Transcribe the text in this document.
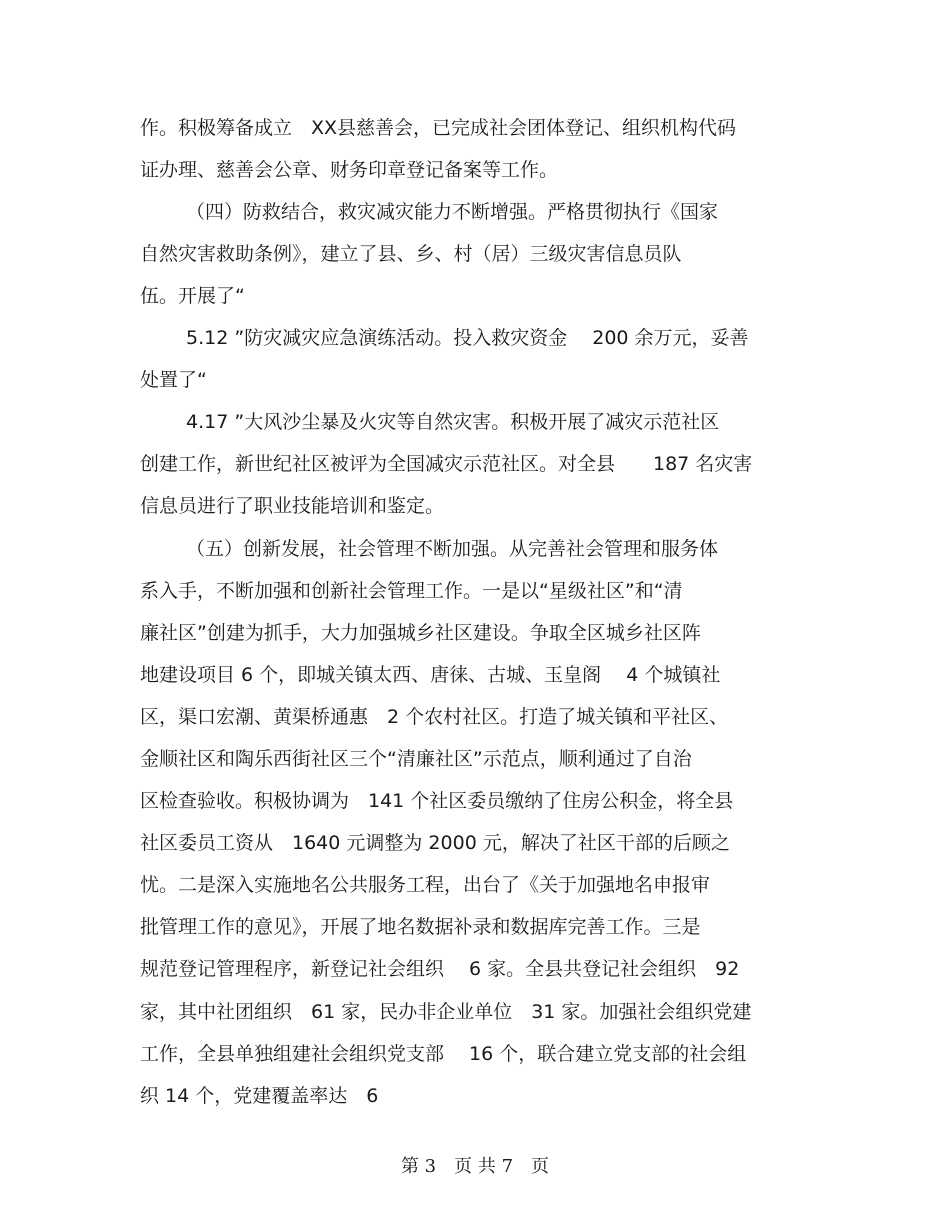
作。积极筹备成立　XX县慈善会，已完成社会团体登记、组织机构代码
证办理、慈善会公章、财务印章登记备案等工作。
（四）防救结合，救灾减灾能力不断增强。严格贯彻执行《国家
自然灾害救助条例》，建立了县、乡、村（居）三级灾害信息员队
伍。开展了“
5.12 ”防灾减灾应急演练活动。投入救灾资金　 200 余万元，妥善
处置了“
4.17 ”大风沙尘暴及火灾等自然灾害。积极开展了减灾示范社区
创建工作，新世纪社区被评为全国减灾示范社区。对全县　　187 名灾害
信息员进行了职业技能培训和鉴定。
（五）创新发展，社会管理不断加强。从完善社会管理和服务体
系入手，不断加强和创新社会管理工作。一是以“星级社区”和“清
廉社区”创建为抓手，大力加强城乡社区建设。争取全区城乡社区阵
地建设项目 6 个，即城关镇太西、唐徕、古城、玉皇阁　 4 个城镇社
区，渠口宏潮、黄渠桥通惠　2 个农村社区。打造了城关镇和平社区、
金顺社区和陶乐西街社区三个“清廉社区”示范点，顺利通过了自治
区检查验收。积极协调为　141 个社区委员缴纳了住房公积金，将全县
社区委员工资从　1640 元调整为 2000 元，解决了社区干部的后顾之
忧。二是深入实施地名公共服务工程，出台了《关于加强地名申报审
批管理工作的意见》，开展了地名数据补录和数据库完善工作。三是
规范登记管理程序，新登记社会组织　 6 家。全县共登记社会组织　92
家，其中社团组织　61 家，民办非企业单位　31 家。加强社会组织党建
工作，全县单独组建社会组织党支部　 16 个，联合建立党支部的社会组
织 14 个，党建覆盖率达　6
第 3　页 共 7　页
